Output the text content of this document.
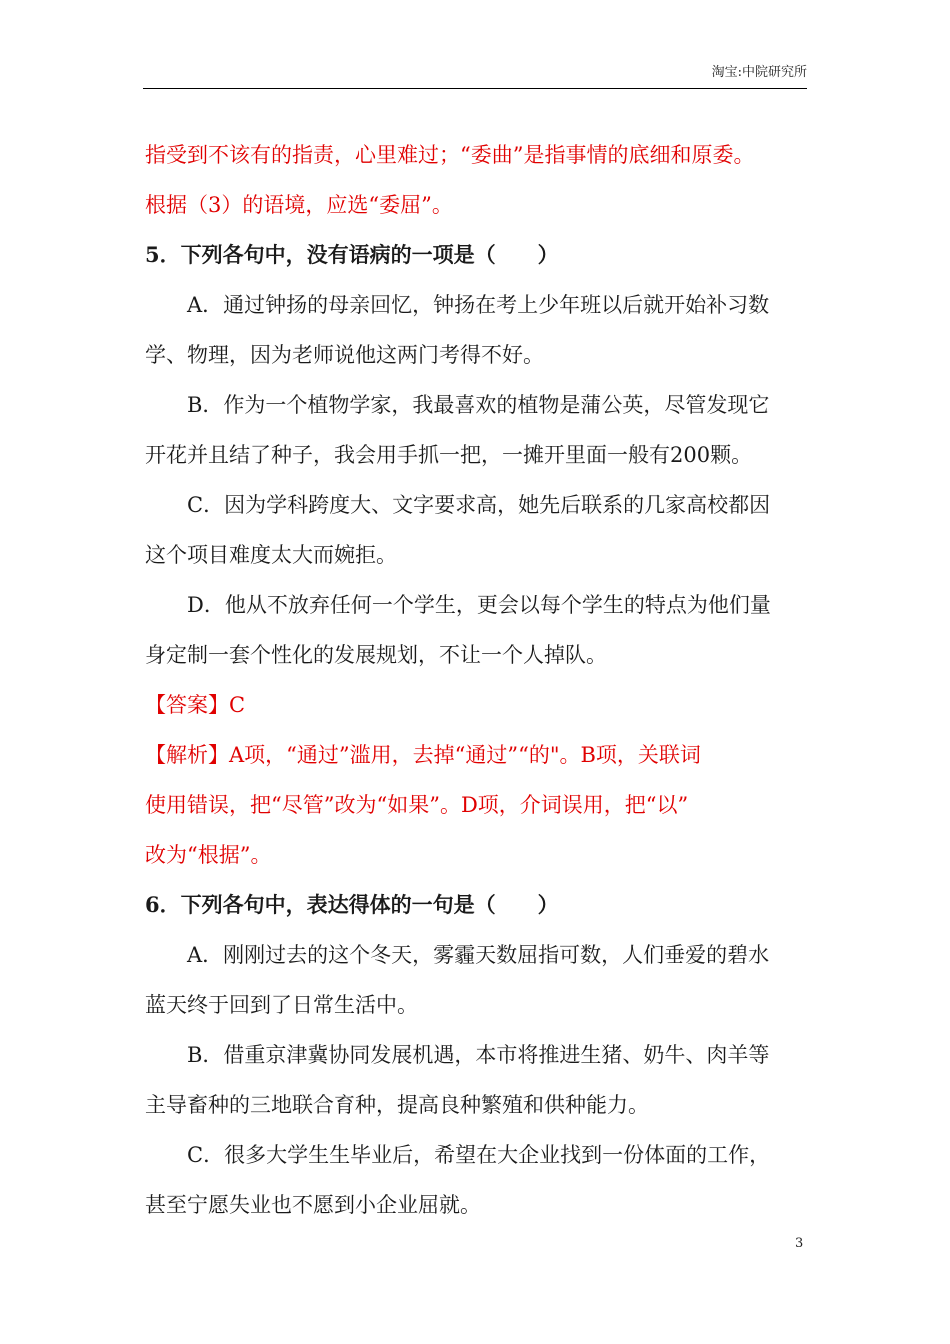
淘宝:中院研究所

指受到不该有的指责，心里难过；“委曲”是指事情的底细和原委。

根据（3）的语境，应选“委屈”。

5．下列各句中，没有语病的一项是（　　）

A．通过钟扬的母亲回忆，钟扬在考上少年班以后就开始补习数

学、物理，因为老师说他这两门考得不好。

B．作为一个植物学家，我最喜欢的植物是蒲公英，尽管发现它

开花并且结了种子，我会用手抓一把，一摊开里面一般有200颗。

C．因为学科跨度大、文字要求高，她先后联系的几家高校都因

这个项目难度太大而婉拒。

D．他从不放弃任何一个学生，更会以每个学生的特点为他们量

身定制一套个性化的发展规划，不让一个人掉队。

【答案】C

【解析】A项，“通过”滥用，去掉“通过”“的"。B项，关联词

使用错误，把“尽管”改为“如果”。D项，介词误用，把“以”

改为“根据”。

6．下列各句中，表达得体的一句是（　　）

A．刚刚过去的这个冬天，雾霾天数屈指可数，人们垂爱的碧水

蓝天终于回到了日常生活中。

B．借重京津冀协同发展机遇，本市将推进生猪、奶牛、肉羊等

主导畜种的三地联合育种，提高良种繁殖和供种能力。

C．很多大学生生毕业后，希望在大企业找到一份体面的工作，

甚至宁愿失业也不愿到小企业屈就。

3
